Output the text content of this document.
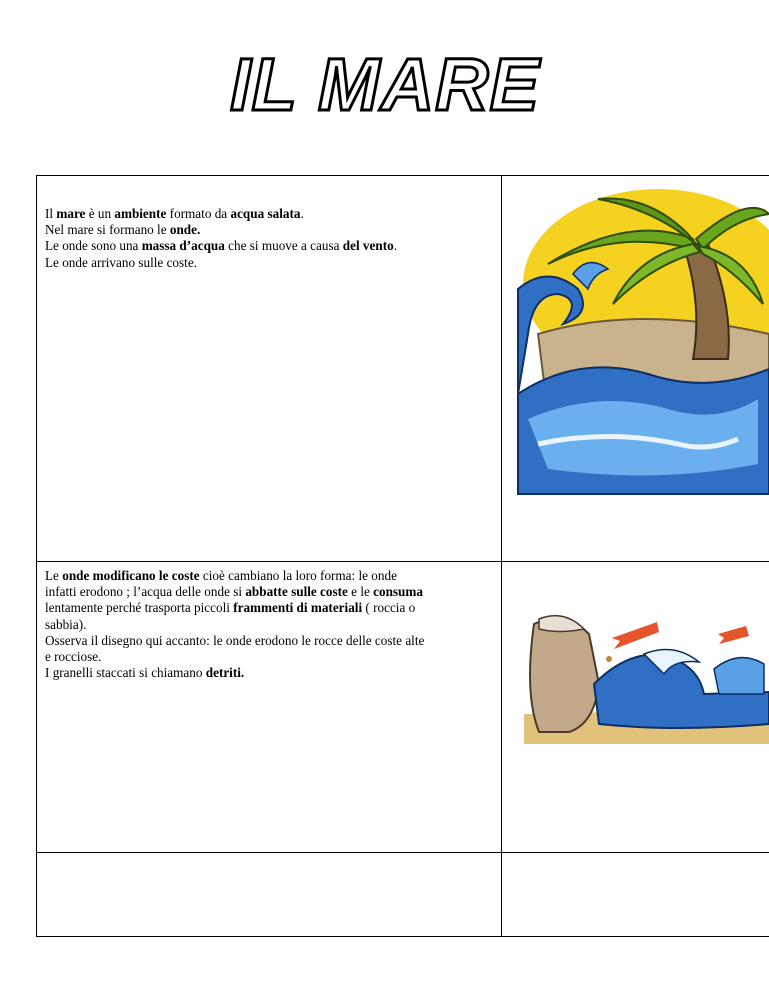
IL MARE
Il mare è un ambiente formato da acqua salata.
Nel mare si formano le onde.
Le onde sono una massa d’acqua che si muove a causa del vento.
Le onde arrivano sulle coste.
Le onde modificano le coste cioè cambiano la loro forma: le onde
infatti erodono ; l’acqua delle onde si abbatte sulle coste e le consuma
lentamente perché trasporta piccoli frammenti di materiali ( roccia o
sabbia).
Osserva il disegno qui accanto: le onde erodono le rocce delle coste alte
e rocciose.
I granelli staccati si chiamano detriti.
